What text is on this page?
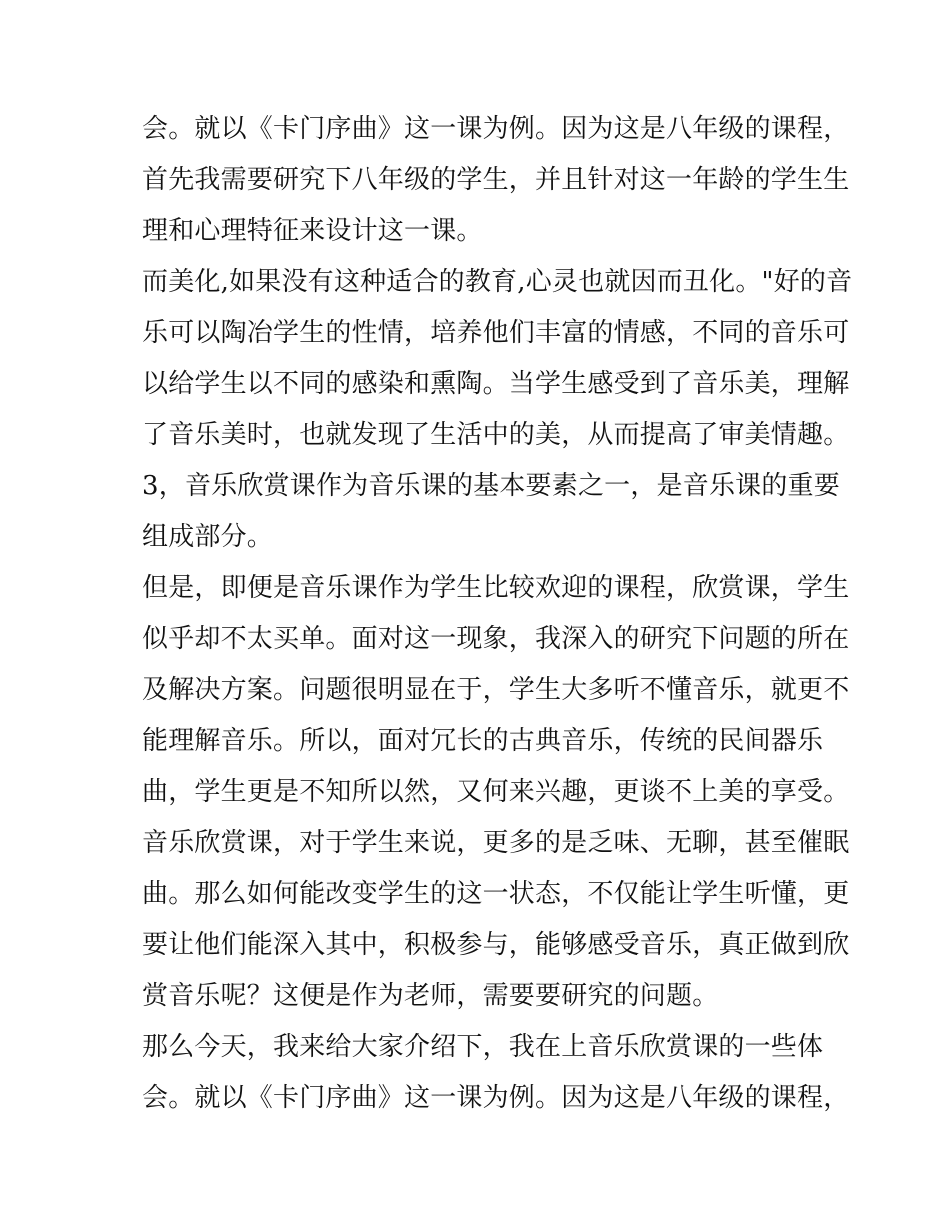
会。就以《卡门序曲》这一课为例。因为这是八年级的课程，
首先我需要研究下八年级的学生，并且针对这一年龄的学生生
理和心理特征来设计这一课。
而美化,如果没有这种适合的教育,心灵也就因而丑化。"好的音
乐可以陶冶学生的性情，培养他们丰富的情感，不同的音乐可
以给学生以不同的感染和熏陶。当学生感受到了音乐美，理解
了音乐美时，也就发现了生活中的美，从而提高了审美情趣。
3，音乐欣赏课作为音乐课的基本要素之一，是音乐课的重要
组成部分。
但是，即便是音乐课作为学生比较欢迎的课程，欣赏课，学生
似乎却不太买单。面对这一现象，我深入的研究下问题的所在
及解决方案。问题很明显在于，学生大多听不懂音乐，就更不
能理解音乐。所以，面对冗长的古典音乐，传统的民间器乐
曲，学生更是不知所以然，又何来兴趣，更谈不上美的享受。
音乐欣赏课，对于学生来说，更多的是乏味、无聊，甚至催眠
曲。那么如何能改变学生的这一状态，不仅能让学生听懂，更
要让他们能深入其中，积极参与，能够感受音乐，真正做到欣
赏音乐呢？这便是作为老师，需要要研究的问题。
那么今天，我来给大家介绍下，我在上音乐欣赏课的一些体
会。就以《卡门序曲》这一课为例。因为这是八年级的课程，
